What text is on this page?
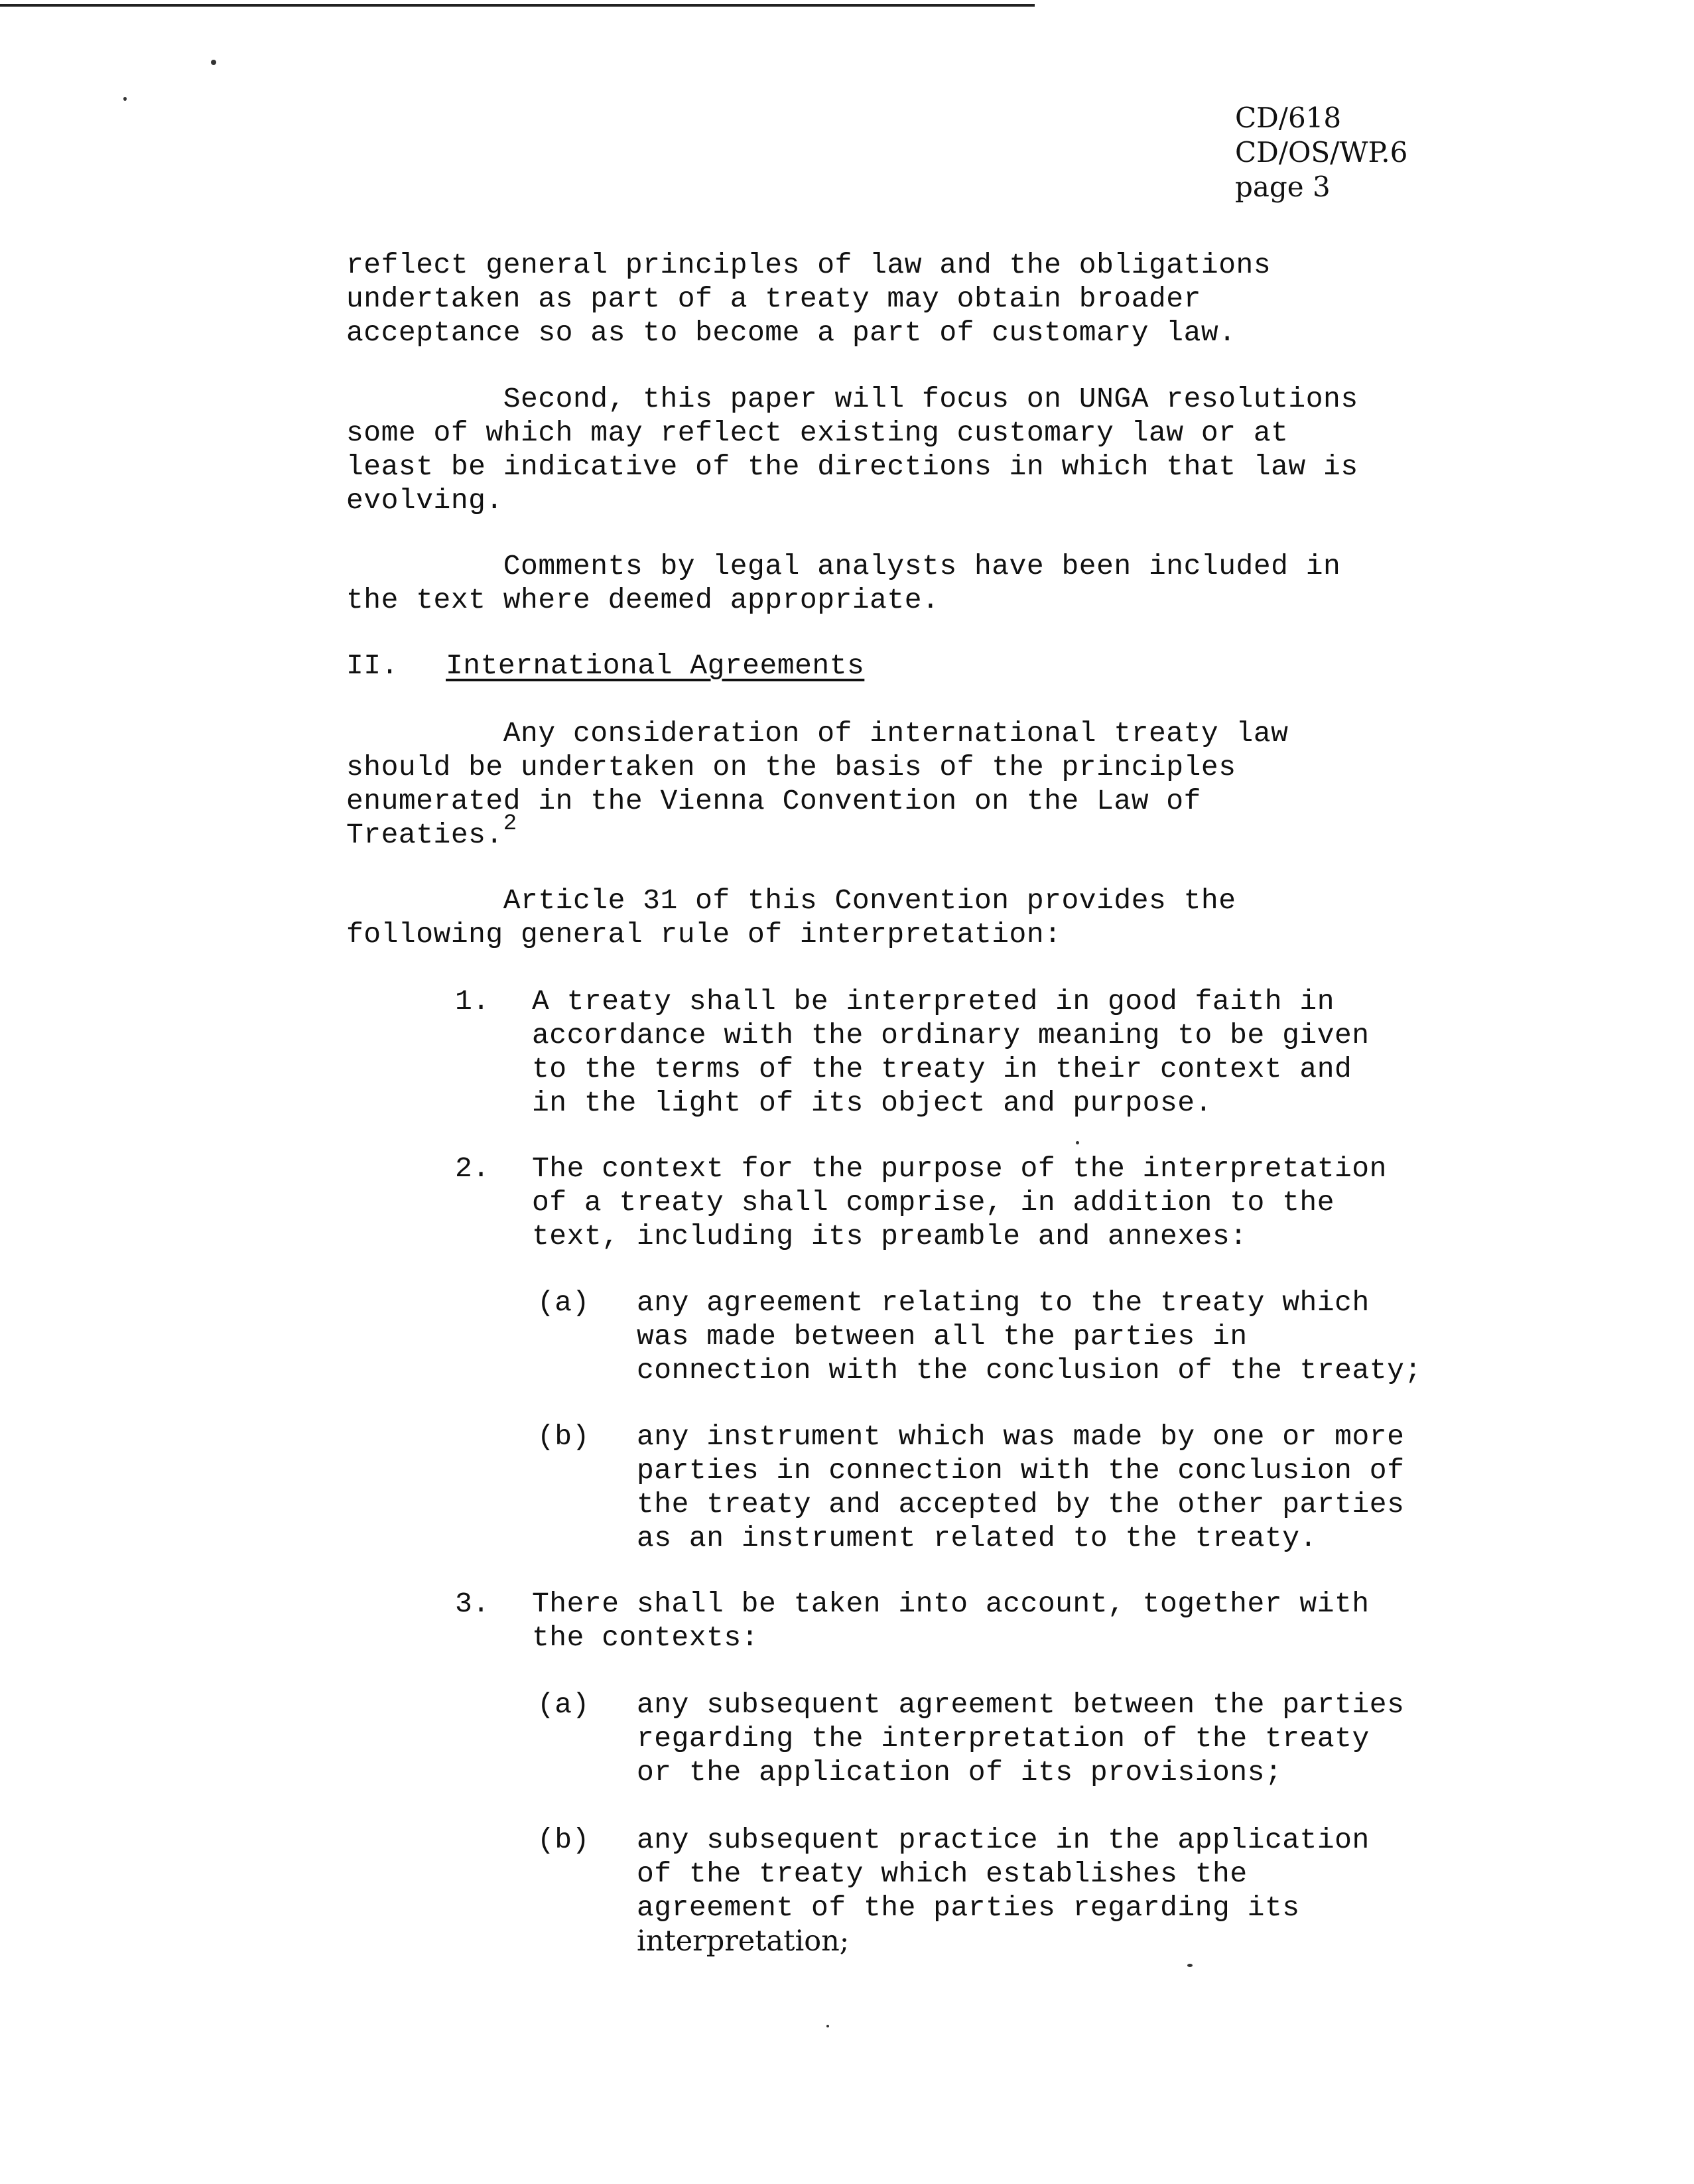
CD/618
CD/OS/WP.6
page 3
reflect general principles of law and the obligations
undertaken as part of a treaty may obtain broader
acceptance so as to become a part of customary law.
Second, this paper will focus on UNGA resolutions
some of which may reflect existing customary law or at
least be indicative of the directions in which that law is
evolving.
Comments by legal analysts have been included in
the text where deemed appropriate.
II. International Agreements
Any consideration of international treaty law
should be undertaken on the basis of the principles
enumerated in the Vienna Convention on the Law of
Treaties.$^2$
Article 31 of this Convention provides the
following general rule of interpretation:

1.

A treaty shall be interpreted in good faith in
accordance with the ordinary meaning to be given
to the terms of the treaty in their context and
in the light of its object and purpose.

2.

The context for the purpose of the interpretation
of a treaty shall comprise, in addition to the
text, including its preamble and annexes:

(a)

any agreement relating to the treaty which
was made between all the parties in
connection with the conclusion of the treaty;

(b)

any instrument which was made by one or more
parties in connection with the conclusion of
the treaty and accepted by the other parties
as an instrument related to the treaty.

3.

There shall be taken into account, together with
the contexts:

(a)

any subsequent agreement between the parties
regarding the interpretation of the treaty
or the application of its provisions;

(b)

any subsequent practice in the application
of the treaty which establishes the
agreement of the parties regarding its
interpretation;
